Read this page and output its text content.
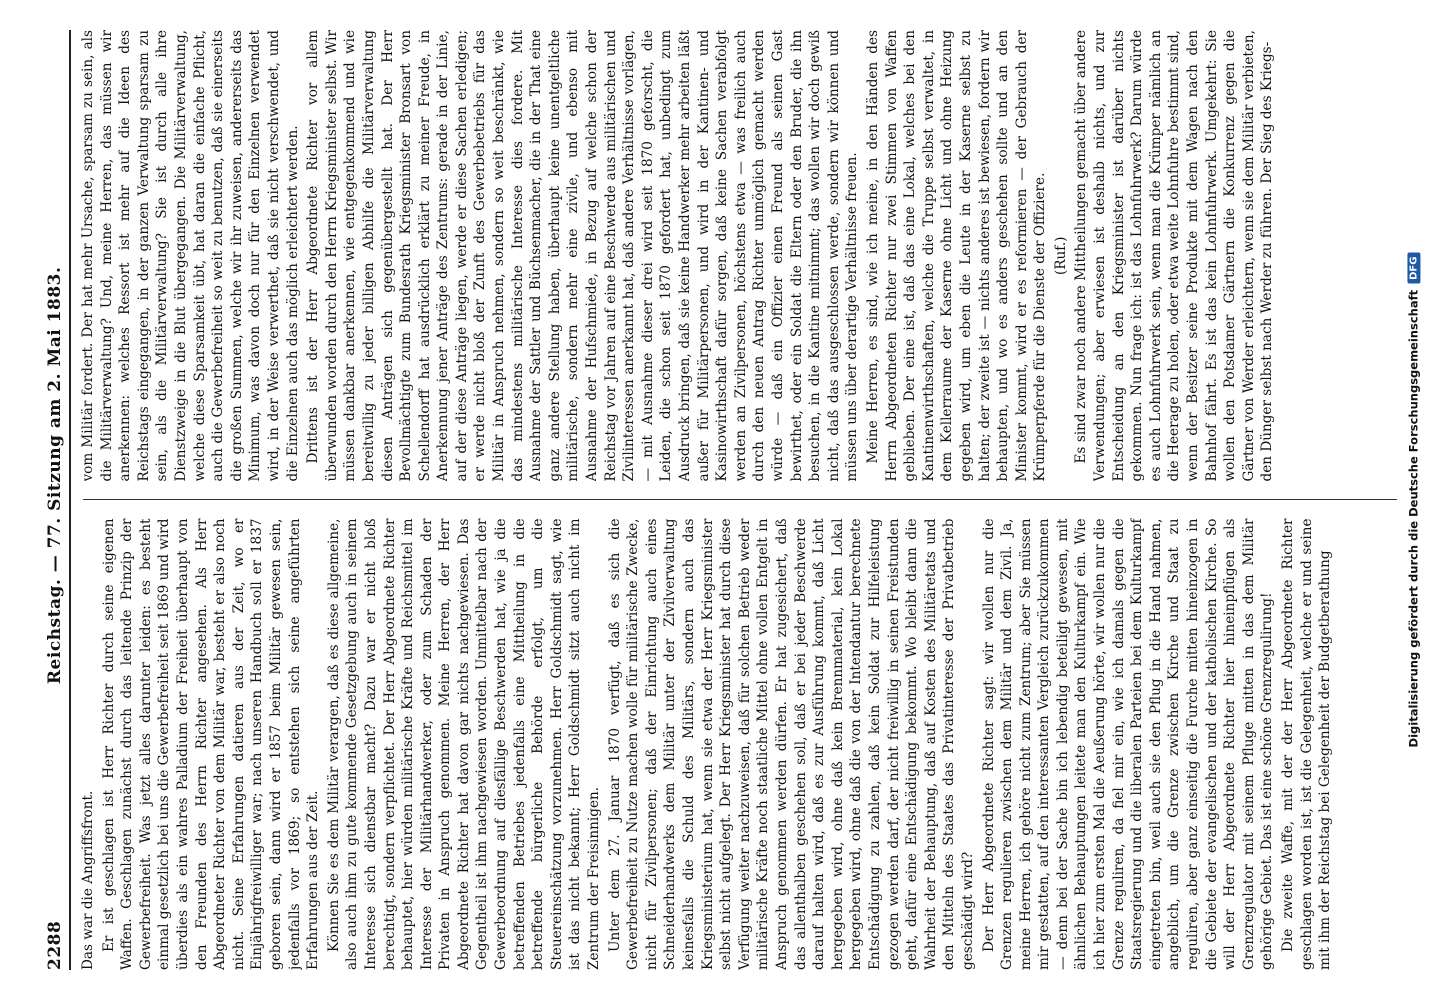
2288
Reichstag. — 77. Sitzung am 2. Mai 1883.

Das war die Angriffsfront. Er ist geschlagen ist Herr Richter durch seine eigenen Waffen. Geschlagen zunächst durch das leitende Prinzip der Gewerbefreiheit. Was jetzt alles darunter leiden: es besteht einmal gesetzlich bei uns die Gewerbefreiheit seit 1869 und wird überdies als ein wahres Palladium der Freiheit überhaupt von den Freunden des Herrn Richter angesehen. Als Herr Abgeordneter Richter von dem Militär war, besteht er also noch nicht. Seine Erfahrungen datieren aus der Zeit, wo er Einjährigfreiwilliger war; nach unseren Handbuch soll er 1837 geboren sein, dann wird er 1857 beim Militär gewesen sein, jedenfalls vor 1869; so entstehen sich seine angeführten Erfahrungen aus der Zeit. Können Sie es dem Militär verargen, daß es diese allgemeine, also auch ihm zu gute kommende Gesetzgebung auch in seinem Interesse sich dienstbar macht? Dazu war er nicht bloß berechtigt, sondern verpflichtet. Der Herr Abgeordnete Richter behauptet, hier würden militärische Kräfte und Reichsmittel im Interesse der Militärhandwerker, oder zum Schaden der Privaten in Anspruch genommen. Meine Herren, der Herr Abgeordnete Richter hat davon gar nichts nachgewiesen. Das Gegentheil ist ihm nachgewiesen worden. Unmittelbar nach der Gewerbeordnung auf diesfällige Beschwerden hat, wie ja die betreffenden Betriebes jedenfalls eine Mittheilung in die betreffende bürgerliche Behörde erfolgt, um die Steuereinschätzung vorzunehmen. Herr Goldschmidt sagt, wie ist das nicht bekannt; Herr Goldschmidt sitzt auch nicht im Zentrum der Freisinnigen. Unter dem 27. Januar 1870 verfügt, daß es sich die Gewerbefreiheit zu Nutze machen wolle für militärische Zwecke, nicht für Zivilpersonen; daß der Einrichtung auch eines Schneiderhandwerks dem Militär unter der Zivilverwaltung keinesfalls die Schuld des Militärs, sondern auch das Kriegsministerium hat, wenn sie etwa der Herr Kriegsminister selbst nicht aufgelegt. Der Herr Kriegsminister hat durch diese Verfügung weiter nachzuweisen, daß für solchen Betrieb weder militärische Kräfte noch staatliche Mittel ohne vollen Entgelt in Anspruch genommen werden dürfen. Er hat zugesichert, daß das allenthalben geschehen soll, daß er bei jeder Beschwerde darauf halten wird, daß es zur Ausführung kommt, daß Licht hergegeben wird, ohne daß kein Brennmaterial, kein Lokal hergegeben wird, ohne daß die von der Intendantur berechnete Entschädigung zu zahlen, daß kein Soldat zur Hilfeleistung gezogen werden darf, der nicht freiwillig in seinen Freistunden geht, dafür eine Entschädigung bekommt. Wo bleibt dann die Wahrheit der Behauptung, daß auf Kosten des Militäretats und den Mitteln des Staates das Privatinteresse der Privatbetrieb geschädigt wird? Der Herr Abgeordnete Richter sagt: wir wollen nur die Grenzen regulieren zwischen dem Militär und dem Zivil. Ja, meine Herren, ich gehöre nicht zum Zentrum; aber Sie müssen mir gestatten, auf den interessanten Vergleich zurückzukommen — denn bei der Sache bin ich lebendig beteiligt gewesen, mit ähnlichen Behauptungen leitete man den Kulturkampf ein. Wie ich hier zum ersten Mal die Aeußerung hörte, wir wollen nur die Grenze reguliren, da fiel mir ein, wie ich damals gegen die Staatsregierung und die liberalen Parteien bei dem Kulturkampf eingetreten bin, weil auch sie den Pflug in die Hand nahmen, angeblich, um die Grenze zwischen Kirche und Staat zu reguliren, aber ganz einseitig die Furche mitten hineinzogen in die Gebiete der evangelischen und der katholischen Kirche. So will der Herr Abgeordnete Richter hier hineinpflügen als Grenzregulator mit seinem Pfluge mitten in das dem Militär gehörige Gebiet. Das ist eine schöne Grenzregulirung! Die zweite Waffe, mit der der Herr Abgeordnete Richter geschlagen worden ist, ist die Gelegenheit, welche er und seine mit ihm der Reichstag bei Gelegenheit der Budgetberathung

vom Militär fordert. Der hat mehr Ursache, sparsam zu sein, als die Militärverwaltung? Und, meine Herren, das müssen wir anerkennen: welches Ressort ist mehr auf die Ideen des Reichstags eingegangen, in der ganzen Verwaltung sparsam zu sein, als die Militärverwaltung? Sie ist durch alle ihre Dienstzweige in die Blut übergegangen. Die Militärverwaltung, welche diese Sparsamkeit übt, hat daran die einfache Pflicht, auch die Gewerbefreiheit so weit zu benutzen, daß sie einerseits die großen Summen, welche wir ihr zuweisen, andererseits das Minimum, was davon doch nur für den Einzelnen verwendet wird, in der Weise verwerthet, daß sie nicht verschwendet, und die Einzelnen auch das möglich erleichtert werden. Drittens ist der Herr Abgeordnete Richter vor allem überwunden worden durch den Herrn Kriegsminister selbst. Wir müssen dankbar anerkennen, wie entgegenkommend und wie bereitwillig zu jeder billigen Abhilfe die Militärverwaltung diesen Anträgen sich gegenübergestellt hat. Der Herr Bevollmächtigte zum Bundesrath Kriegsminister Bronsart von Schellendorff hat ausdrücklich erklärt zu meiner Freude, in Anerkennung jener Anträge des Zentrums: gerade in der Linie, auf der diese Anträge liegen, werde er diese Sachen erledigen; er werde nicht bloß der Zunft des Gewerbebetriebs für das Militär in Anspruch nehmen, sondern so weit beschränkt, wie das mindestens militärische Interesse dies fordere. Mit Ausnahme der Sattler und Büchsenmacher, die in der That eine ganz andere Stellung haben, überhaupt keine unentgeltliche militärische, sondern mehr eine zivile, und ebenso mit Ausnahme der Hufschmiede, in Bezug auf welche schon der Reichstag vor Jahren auf eine Beschwerde aus militärischen und Zivilinteressen anerkannt hat, daß andere Verhältnisse vorlägen, — mit Ausnahme dieser drei wird seit 1870 geforscht, die Leiden, die schon seit 1870 gefordert hat, unbedingt zum Ausdruck bringen, daß sie keine Handwerker mehr arbeiten läßt außer für Militärpersonen, und wird in der Kantinen- und Kasinowirthschaft dafür sorgen, daß keine Sachen verabfolgt werden an Zivilpersonen, höchstens etwa — was freilich auch durch den neuen Antrag Richter unmöglich gemacht werden würde — daß ein Offizier einen Freund als seinen Gast bewirthet, oder ein Soldat die Eltern oder den Bruder, die ihn besuchen, in die Kantine mitnimmt; das wollen wir doch gewiß nicht, daß das ausgeschlossen werde, sondern wir können und müssen uns über derartige Verhältnisse freuen. Meine Herren, es sind, wie ich meine, in den Händen des Herrn Abgeordneten Richter nur zwei Stimmen von Waffen geblieben. Der eine ist, daß das eine Lokal, welches bei den Kantinenwirthschaften, welche die Truppe selbst verwaltet, in dem Kellerraume der Kaserne ohne Licht und ohne Heizung gegeben wird, um eben die Leute in der Kaserne selbst zu halten; der zweite ist — nichts anderes ist bewiesen, fordern wir behaupten, und wo es anders geschehen sollte und an den Minister kommt, wird er es reformieren — der Gebrauch der Krümperpferde für die Dienste der Offiziere. (Ruf.) Es sind zwar noch andere Mittheilungen gemacht über andere Verwendungen; aber erwiesen ist deshalb nichts, und zur Entscheidung an den Kriegsminister ist darüber nichts gekommen. Nun frage ich: ist das Lohnfuhrwerk? Darum würde es auch Lohnfuhrwerk sein, wenn man die Krümper nämlich an die Heerage zu holen, oder etwa weite Lohnfuhre bestimmt sind, wenn der Besitzer seine Produkte mit dem Wagen nach den Bahnhof fährt. Es ist das kein Lohnfuhrwerk. Umgekehrt: Sie wollen den Potsdamer Gärtnern die Konkurrenz gegen die Gärtner von Werder erleichtern, wenn sie dem Militär verbieten, den Dünger selbst nach Werder zu führen. Der Sieg des Kriegs-

Digitalisierung gefördert durch die Deutsche Forschungsgemeinschaft
DFG
